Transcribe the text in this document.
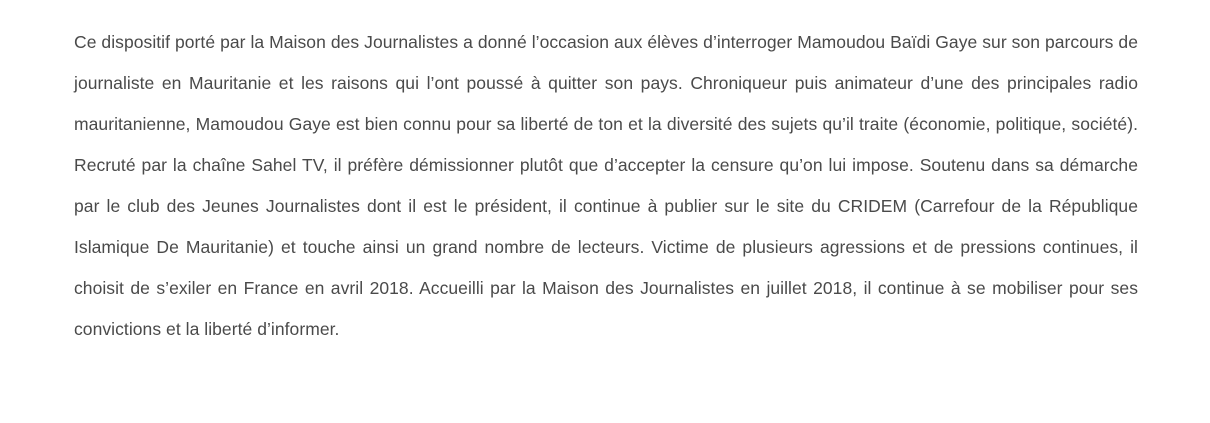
Ce dispositif porté par la Maison des Journalistes a donné l’occasion aux élèves d’interroger Mamoudou Baïdi Gaye sur son parcours de journaliste en Mauritanie et les raisons qui l’ont poussé à quitter son pays. Chroniqueur puis animateur d’une des principales radio mauritanienne, Mamoudou Gaye est bien connu pour sa liberté de ton et la diversité des sujets qu’il traite (économie, politique, société). Recruté par la chaîne Sahel TV, il préfère démissionner plutôt que d’accepter la censure qu’on lui impose. Soutenu dans sa démarche par le club des Jeunes Journalistes dont il est le président, il continue à publier sur le site du CRIDEM (Carrefour de la République Islamique De Mauritanie) et touche ainsi un grand nombre de lecteurs. Victime de plusieurs agressions et de pressions continues, il choisit de s’exiler en France en avril 2018. Accueilli par la Maison des Journalistes en juillet 2018, il continue à se mobiliser pour ses convictions et la liberté d’informer.
